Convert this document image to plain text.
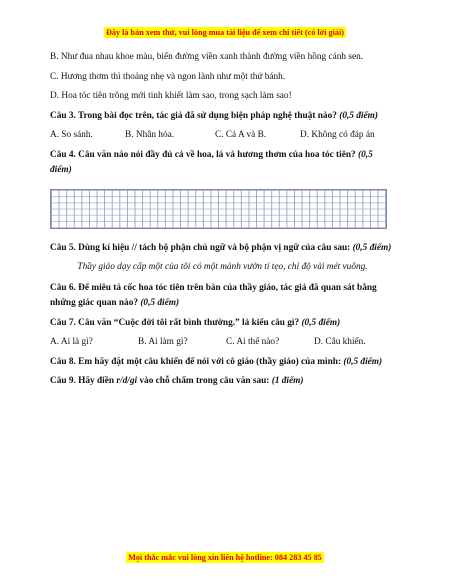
Đây là bản xem thử, vui lòng mua tài liệu để xem chi tiết (có lời giải)

B. Như đua nhau khoe màu, biến đường viền xanh thành đường viền hồng cánh sen.

C. Hương thơm thì thoảng nhẹ và ngon lành như một thứ bánh.

D. Hoa tóc tiên trông mới tinh khiết làm sao, trong sạch làm sao!

Câu 3. Trong bài đọc trên, tác giả đã sử dụng biện pháp nghệ thuật nào? (0,5 điểm)

A. So sánh.	B. Nhân hóa.	C. Cả A và B.	D. Không có đáp án

Câu 4. Câu văn nào nói đầy đủ cả về hoa, lá và hương thơm của hoa tóc tiên? (0,5 điểm)

Câu 5. Dùng kí hiệu // tách bộ phận chủ ngữ và bộ phận vị ngữ của câu sau: (0,5 điểm)

Thầy giáo dạy cấp một của tôi có một mảnh vườn tí tẹo, chỉ độ vài mét vuông.

Câu 6. Để miêu tả cốc hoa tóc tiên trên bàn của thầy giáo, tác giả đã quan sát bằng những giác quan nào? (0,5 điểm)

Câu 7. Câu văn “Cuộc đời tôi rất bình thường.” là kiểu câu gì? (0,5 điểm)

A. Ai là gì?	B. Ai làm gì?	C. Ai thế nào?	D. Câu khiến.

Câu 8. Em hãy đặt một câu khiến để nói với cô giáo (thầy giáo) của mình: (0,5 điểm)

Câu 9. Hãy điền r/d/gi vào chỗ chấm trong câu văn sau: (1 điểm)

Mọi thắc mắc vui lòng xin liên hệ hotline: 084 283 45 85
